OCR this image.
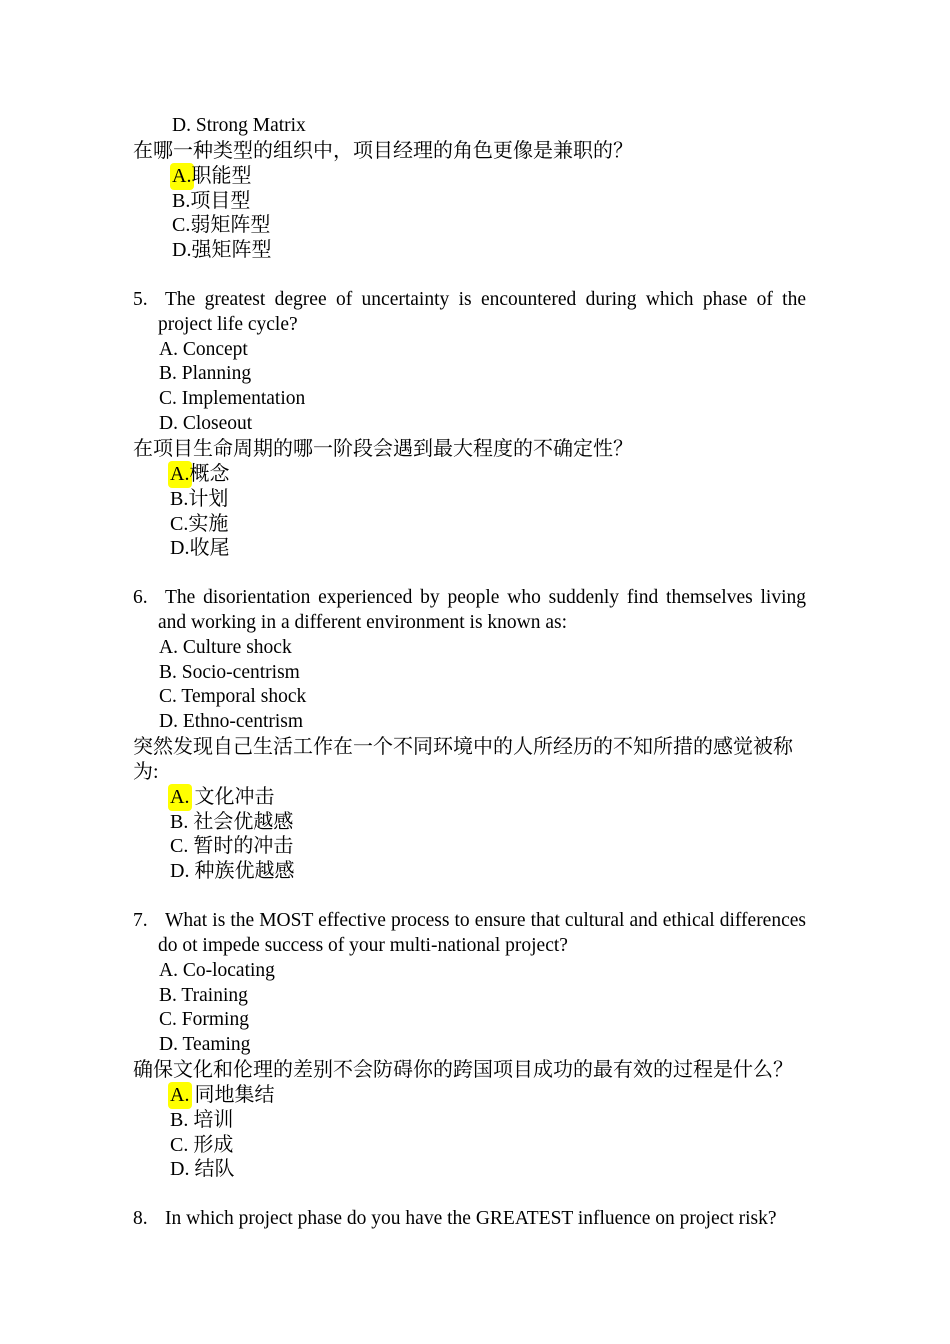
D. Strong Matrix

在哪一种类型的组织中，项目经理的角色更像是兼职的？

A.职能型

B.项目型

C.弱矩阵型

D.强矩阵型

5. The greatest degree of uncertainty is encountered during which phase of the project life cycle?

A. Concept

B. Planning

C. Implementation

D. Closeout

在项目生命周期的哪一阶段会遇到最大程度的不确定性？

A.概念

B.计划

C.实施

D.收尾

6. The disorientation experienced by people who suddenly find themselves living and working in a different environment is known as:

A. Culture shock

B. Socio-centrism

C. Temporal shock

D. Ethno-centrism

突然发现自己生活工作在一个不同环境中的人所经历的不知所措的感觉被称为:

A. 文化冲击

B. 社会优越感

C. 暂时的冲击

D. 种族优越感

7. What is the MOST effective process to ensure that cultural and ethical differences do ot impede success of your multi-national project?

A. Co-locating

B. Training

C. Forming

D. Teaming

确保文化和伦理的差别不会防碍你的跨国项目成功的最有效的过程是什么？

A. 同地集结

B. 培训

C. 形成

D. 结队

8. In which project phase do you have the GREATEST influence on project risk?
